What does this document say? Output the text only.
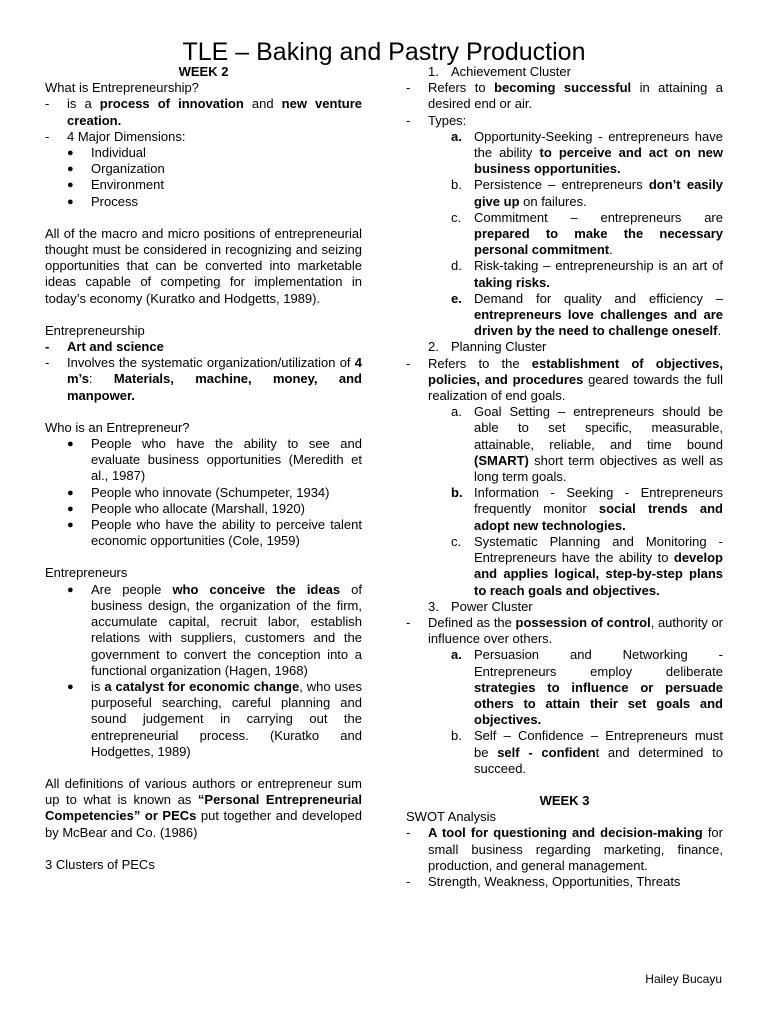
TLE – Baking and Pastry Production

WEEK 2

What is Entrepreneurship?

-	is a process of innovation and new venture creation.
-	4 Major Dimensions:
●	Individual
●	Organization
●	Environment
●	Process

All of the macro and micro positions of entrepreneurial thought must be considered in recognizing and seizing opportunities that can be converted into marketable ideas capable of competing for implementation in today’s economy (Kuratko and Hodgetts, 1989).

Entrepreneurship

-	Art and science
-	Involves the systematic organization/utilization of 4 m’s: Materials, machine, money, and manpower.

Who is an Entrepreneur?

●	People who have the ability to see and evaluate business opportunities (Meredith et al., 1987)
●	People who innovate (Schumpeter, 1934)
●	People who allocate (Marshall, 1920)
●	People who have the ability to perceive talent economic opportunities (Cole, 1959)

Entrepreneurs

●	Are people who conceive the ideas of business design, the organization of the firm, accumulate capital, recruit labor, establish relations with suppliers, customers and the government to convert the conception into a functional organization (Hagen, 1968)
●	is a catalyst for economic change, who uses purposeful searching, careful planning and sound judgement in carrying out the entrepreneurial process. (Kuratko and Hodgettes, 1989)

All definitions of various authors or entrepreneur sum up to what is known as “Personal Entrepreneurial Competencies” or PECs put together and developed by McBear and Co. (1986)

3 Clusters of PECs

1. Achievement Cluster
-	Refers to becoming successful in attaining a desired end or air.
-	Types:
a. Opportunity-Seeking - entrepreneurs have the ability to perceive and act on new business opportunities.
b. Persistence – entrepreneurs don’t easily give up on failures.
c. Commitment – entrepreneurs are prepared to make the necessary personal commitment.
d. Risk-taking – entrepreneurship is an art of taking risks.
e. Demand for quality and efficiency – entrepreneurs love challenges and are driven by the need to challenge oneself.
2. Planning Cluster
-	Refers to the establishment of objectives, policies, and procedures geared towards the full realization of end goals.
a. Goal Setting – entrepreneurs should be able to set specific, measurable, attainable, reliable, and time bound (SMART) short term objectives as well as long term goals.
b. Information - Seeking - Entrepreneurs frequently monitor social trends and adopt new technologies.
c. Systematic Planning and Monitoring - Entrepreneurs have the ability to develop and applies logical, step-by-step plans to reach goals and objectives.
3. Power Cluster
-	Defined as the possession of control, authority or influence over others.
a. Persuasion and Networking - Entrepreneurs employ deliberate strategies to influence or persuade others to attain their set goals and objectives.
b. Self – Confidence – Entrepreneurs must be self - confident and determined to succeed.

WEEK 3

SWOT Analysis

-	A tool for questioning and decision-making for small business regarding marketing, finance, production, and general management.
-	Strength, Weakness, Opportunities, Threats
Hailey Bucayu
